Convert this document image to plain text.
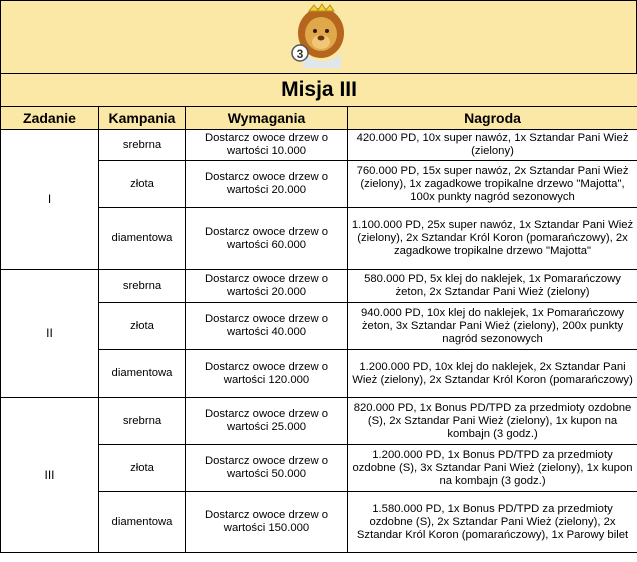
3
Misja III			
Zadanie	Kampania	Wymagania	Nagroda
I	srebrna	Dostarcz owoce drzew o wartości 10.000	420.000 PD, 10x super nawóz, 1x Sztandar Pani Wież (zielony)
	złota	Dostarcz owoce drzew o wartości 20.000	760.000 PD, 15x super nawóz, 2x Sztandar Pani Wież (zielony), 1x zagadkowe tropikalne drzewo "Majotta", 100x punkty nagród sezonowych
	diamentowa	Dostarcz owoce drzew o wartości 60.000	1.100.000 PD, 25x super nawóz, 1x Sztandar Pani Wież (zielony), 2x Sztandar Król Koron (pomarańczowy), 2x zagadkowe tropikalne drzewo "Majotta"
II	srebrna	Dostarcz owoce drzew o wartości 20.000	580.000 PD, 5x klej do naklejek, 1x Pomarańczowy żeton, 2x Sztandar Pani Wież (zielony)
	złota	Dostarcz owoce drzew o wartości 40.000	940.000 PD, 10x klej do naklejek, 1x Pomarańczowy żeton, 3x Sztandar Pani Wież (zielony), 200x punkty nagród sezonowych
	diamentowa	Dostarcz owoce drzew o wartości 120.000	1.200.000 PD, 10x klej do naklejek, 2x Sztandar Pani Wież (zielony), 2x Sztandar Król Koron (pomarańczowy)
III	srebrna	Dostarcz owoce drzew o wartości 25.000	820.000 PD, 1x Bonus PD/TPD za przedmioty ozdobne (S), 2x Sztandar Pani Wież (zielony), 1x kupon na kombajn (3 godz.)
	złota	Dostarcz owoce drzew o wartości 50.000	1.200.000 PD, 1x Bonus PD/TPD za przedmioty ozdobne (S), 3x Sztandar Pani Wież (zielony), 1x kupon na kombajn (3 godz.)
	diamentowa	Dostarcz owoce drzew o wartości 150.000	1.580.000 PD, 1x Bonus PD/TPD za przedmioty ozdobne (S), 2x Sztandar Pani Wież (zielony), 2x Sztandar Król Koron (pomarańczowy), 1x Parowy bilet
